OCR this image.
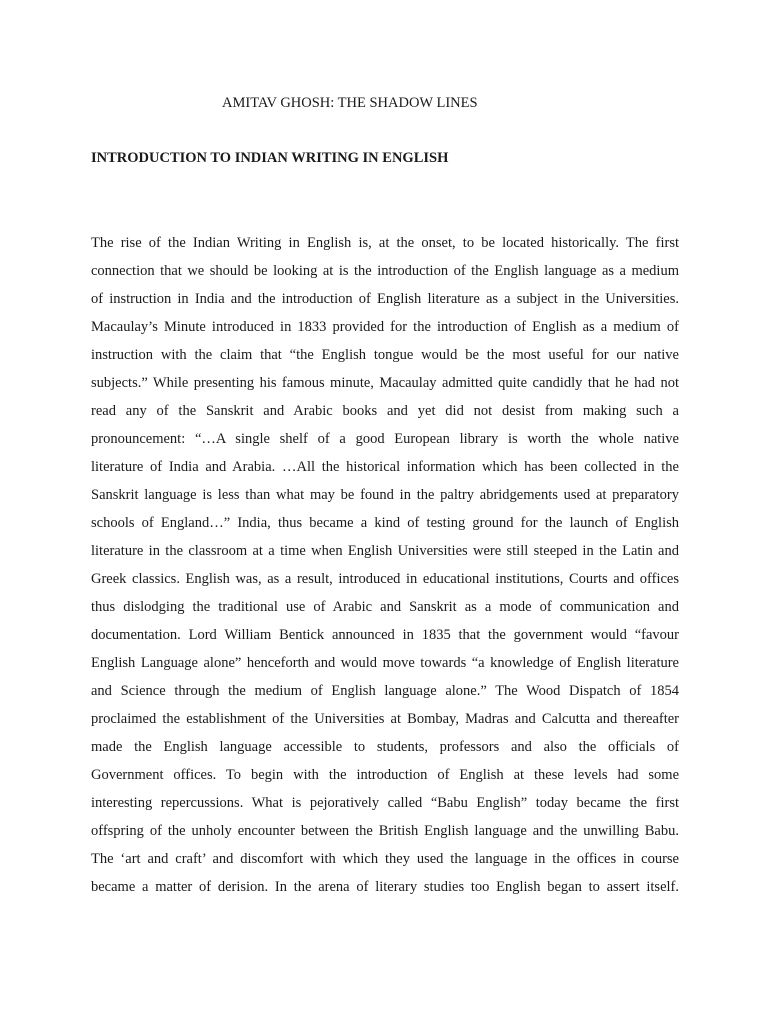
AMITAV GHOSH: THE SHADOW LINES
INTRODUCTION TO INDIAN WRITING IN ENGLISH
The rise of the Indian Writing in English is, at the onset, to be located historically. The first
connection that we should be looking at is the introduction of the English language as a medium
of instruction in India and the introduction of English literature as a subject in the Universities.
Macaulay’s Minute introduced in 1833 provided for the introduction of English as a medium of
instruction with the claim that “the English tongue would be the most useful for our native
subjects.” While presenting his famous minute, Macaulay admitted quite candidly that he had not
read any of the Sanskrit and Arabic books and yet did not desist from making such a
pronouncement: “…A single shelf of a good European library is worth the whole native
literature of India and Arabia. …All the historical information which has been collected in the
Sanskrit language is less than what may be found in the paltry abridgements used at preparatory
schools of England…” India, thus became a kind of testing ground for the launch of English
literature in the classroom at a time when English Universities were still steeped in the Latin and
Greek classics. English was, as a result, introduced in educational institutions, Courts and offices
thus dislodging the traditional use of Arabic and Sanskrit as a mode of communication and
documentation. Lord William Bentick announced in 1835 that the government would “favour
English Language alone” henceforth and would move towards “a knowledge of English literature
and Science through the medium of English language alone.” The Wood Dispatch of 1854
proclaimed the establishment of the Universities at Bombay, Madras and Calcutta and thereafter
made the English language accessible to students, professors and also the officials of
Government offices. To begin with the introduction of English at these levels had some
interesting repercussions. What is pejoratively called “Babu English” today became the first
offspring of the unholy encounter between the British English language and the unwilling Babu.
The ‘art and craft’ and discomfort with which they used the language in the offices in course
became a matter of derision. In the arena of literary studies too English began to assert itself.
